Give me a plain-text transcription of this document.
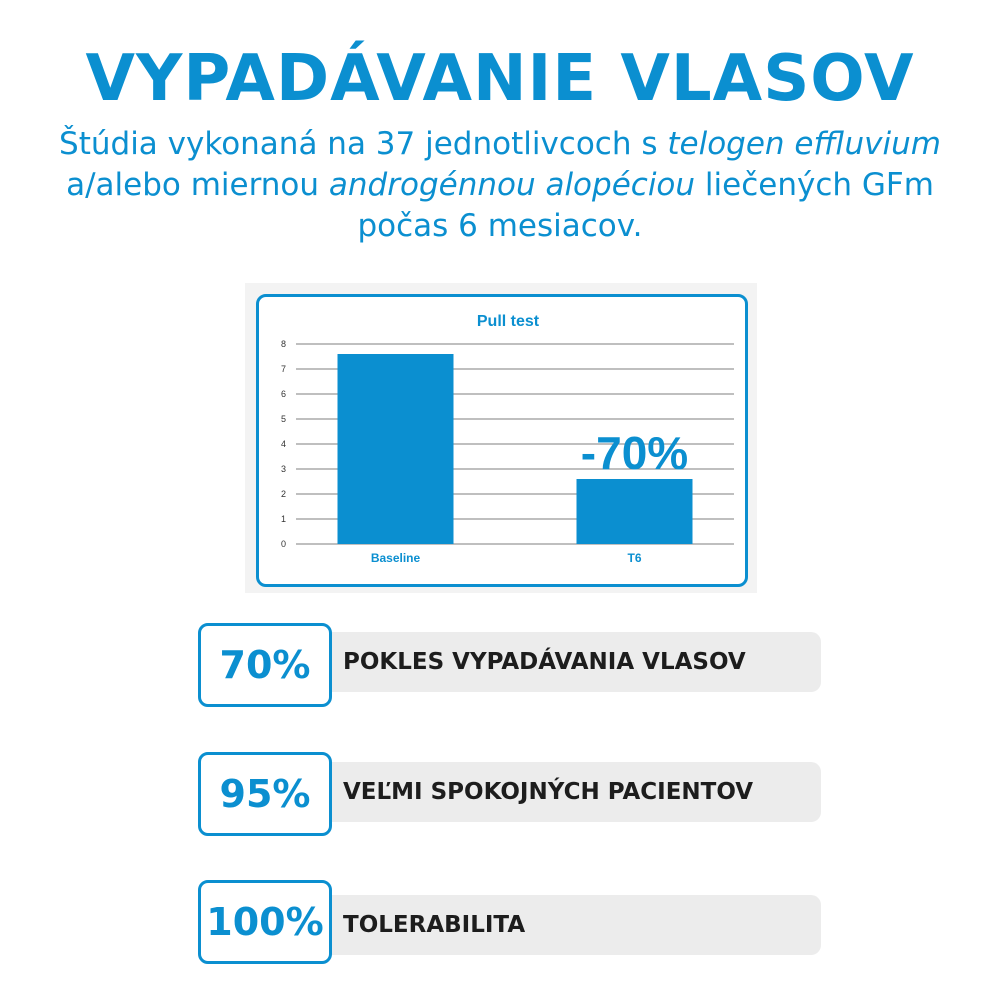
VYPADÁVANIE VLASOV
Štúdia vykonaná na 37 jednotlivcoch s telogen effluvium a/alebo miernou androgénnou alopéciou liečených GFm počas 6 mesiacov.
Pull test
0
1
2
3
4
5
6
7
8
Baseline	T6
-70%
70%	POKLES VYPADÁVANIA VLASOV
95%	VEĽMI SPOKOJNÝCH PACIENTOV
100% TOLERABILITA
